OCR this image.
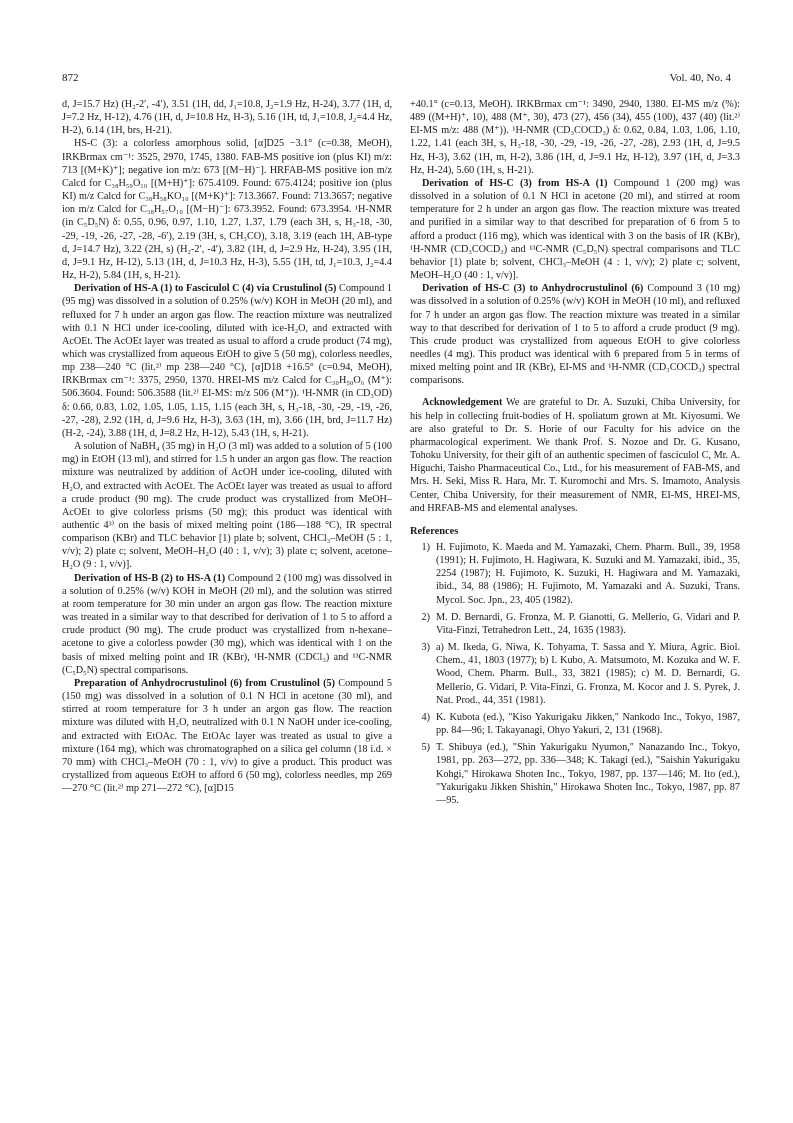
872	Vol. 40, No. 4

d, J=15.7 Hz) (H₂-2′, -4′), 3.51 (1H, dd, J₁=10.8, J₂=1.9 Hz, H-24), 3.77 (1H, d, J=7.2 Hz, H-12), 4.76 (1H, d, J=10.8 Hz, H-3), 5.16 (1H, td, J₁=10.8, J₂=4.4 Hz, H-2), 6.14 (1H, brs, H-21).

HS-C (3): a colorless amorphous solid, [α]D25 −3.1° (c=0.38, MeOH), IRKBrmax cm⁻¹: 3525, 2970, 1745, 1380. FAB-MS positive ion (plus KI) m/z: 713 [(M+K)⁺]; negative ion m/z: 673 [(M−H)⁻]. HRFAB-MS positive ion m/z Calcd for C₃₈H₅₉O₁₀ [(M+H)⁺]: 675.4109. Found: 675.4124; positive ion (plus KI) m/z Calcd for C₃₈H₅₈KO₁₀ [(M+K)⁺]: 713.3667. Found: 713.3657; negative ion m/z Calcd for C₃₈H₅₇O₁₀ [(M−H)⁻]: 673.3952. Found: 673.3954. ¹H-NMR (in C₅D₅N) δ: 0.55, 0.96, 0.97, 1.10, 1.27, 1.37, 1.79 (each 3H, s, H₃-18, -30, -29, -19, -26, -27, -28, -6′), 2.19 (3H, s, CH₃CO), 3.18, 3.19 (each 1H, AB-type d, J=14.7 Hz), 3.22 (2H, s) (H₂-2′, -4′), 3.82 (1H, d, J=2.9 Hz, H-24), 3.95 (1H, d, J=9.1 Hz, H-12), 5.13 (1H, d, J=10.3 Hz, H-3), 5.55 (1H, td, J₁=10.3, J₂=4.4 Hz, H-2), 5.84 (1H, s, H-21).

Derivation of HS-A (1) to Fasciculol C (4) via Crustulinol (5) Compound 1 (95 mg) was dissolved in a solution of 0.25% (w/v) KOH in MeOH (20 ml), and refluxed for 7 h under an argon gas flow. The reaction mixture was neutralized with 0.1 N HCl under ice-cooling, diluted with ice-H₂O, and extracted with AcOEt. The AcOEt layer was treated as usual to afford a crude product (74 mg), which was crystallized from aqueous EtOH to give 5 (50 mg), colorless needles, mp 238—240 °C (lit.²⁾ mp 238—240 °C), [α]D18 +16.5° (c=0.94, MeOH), IRKBrmax cm⁻¹: 3375, 2950, 1370. HREI-MS m/z Calcd for C₃₀H₅₀O₆ (M⁺): 506.3604. Found: 506.3588 (lit.²⁾ EI-MS: m/z 506 (M⁺)). ¹H-NMR (in CD₃OD) δ: 0.66, 0.83, 1.02, 1.05, 1.05, 1.15, 1.15 (each 3H, s, H₃-18, -30, -29, -19, -26, -27, -28), 2.92 (1H, d, J=9.6 Hz, H-3), 3.63 (1H, m), 3.66 (1H, brd, J=11.7 Hz) (H-2, -24), 3.88 (1H, d, J=8.2 Hz, H-12), 5.43 (1H, s, H-21).

A solution of NaBH₄ (35 mg) in H₂O (3 ml) was added to a solution of 5 (100 mg) in EtOH (13 ml), and stirred for 1.5 h under an argon gas flow. The reaction mixture was neutralized by addition of AcOH under ice-cooling, diluted with H₂O, and extracted with AcOEt. The AcOEt layer was treated as usual to afford a crude product (90 mg). The crude product was crystallized from MeOH–AcOEt to give colorless prisms (50 mg); this product was identical with authentic 4³⁾ on the basis of mixed melting point (186—188 °C), IR spectral comparison (KBr) and TLC behavior [1) plate b; solvent, CHCl₃–MeOH (5 : 1, v/v); 2) plate c; solvent, MeOH–H₂O (40 : 1, v/v); 3) plate c; solvent, acetone–H₂O (9 : 1, v/v)].

Derivation of HS-B (2) to HS-A (1) Compound 2 (100 mg) was dissolved in a solution of 0.25% (w/v) KOH in MeOH (20 ml), and the solution was stirred at room temperature for 30 min under an argon gas flow. The reaction mixture was treated in a similar way to that described for derivation of 1 to 5 to afford a crude product (90 mg). The crude product was crystallized from n-hexane–acetone to give a colorless powder (30 mg), which was identical with 1 on the basis of mixed melting point and IR (KBr), ¹H-NMR (CDCl₃) and ¹³C-NMR (C₅D₅N) spectral comparisons.

Preparation of Anhydrocrustulinol (6) from Crustulinol (5) Compound 5 (150 mg) was dissolved in a solution of 0.1 N HCl in acetone (30 ml), and stirred at room temperature for 3 h under an argon gas flow. The reaction mixture was diluted with H₂O, neutralized with 0.1 N NaOH under ice-cooling, and extracted with EtOAc. The EtOAc layer was treated as usual to give a mixture (164 mg), which was chromatographed on a silica gel column (18 i.d. × 70 mm) with CHCl₃–MeOH (70 : 1, v/v) to give a product. This product was crystallized from aqueous EtOH to afford 6 (50 mg), colorless needles, mp 269—270 °C (lit.²⁾ mp 271—272 °C), [α]D15

+40.1° (c=0.13, MeOH). IRKBrmax cm⁻¹: 3490, 2940, 1380. EI-MS m/z (%): 489 ((M+H)⁺, 10), 488 (M⁺, 30), 473 (27), 456 (34), 455 (100), 437 (40) (lit.²⁾ EI-MS m/z: 488 (M⁺)). ¹H-NMR (CD₃COCD₃) δ: 0.62, 0.84, 1.03, 1.06, 1.10, 1.22, 1.41 (each 3H, s, H₃-18, -30, -29, -19, -26, -27, -28), 2.93 (1H, d, J=9.5 Hz, H-3), 3.62 (1H, m, H-2), 3.86 (1H, d, J=9.1 Hz, H-12), 3.97 (1H, d, J=3.3 Hz, H-24), 5.60 (1H, s, H-21).

Derivation of HS-C (3) from HS-A (1) Compound 1 (200 mg) was dissolved in a solution of 0.1 N HCl in acetone (20 ml), and stirred at room temperature for 2 h under an argon gas flow. The reaction mixture was treated and purified in a similar way to that described for preparation of 6 from 5 to afford a product (116 mg), which was identical with 3 on the basis of IR (KBr), ¹H-NMR (CD₃COCD₃) and ¹³C-NMR (C₅D₅N) spectral comparisons and TLC behavior [1) plate b; solvent, CHCl₃–MeOH (4 : 1, v/v); 2) plate c; solvent, MeOH–H₂O (40 : 1, v/v)].

Derivation of HS-C (3) to Anhydrocrustulinol (6) Compound 3 (10 mg) was dissolved in a solution of 0.25% (w/v) KOH in MeOH (10 ml), and refluxed for 7 h under an argon gas flow. The reaction mixture was treated in a similar way to that described for derivation of 1 to 5 to afford a crude product (9 mg). This crude product was crystallized from aqueous EtOH to give colorless needles (4 mg). This product was identical with 6 prepared from 5 in terms of mixed melting point and IR (KBr), EI-MS and ¹H-NMR (CD₃COCD₃) spectral comparisons.

Acknowledgement We are grateful to Dr. A. Suzuki, Chiba University, for his help in collecting fruit-bodies of H. spoliatum grown at Mt. Kiyosumi. We are also grateful to Dr. S. Horie of our Faculty for his advice on the pharmacological experiment. We thank Prof. S. Nozoe and Dr. G. Kusano, Tohoku University, for their gift of an authentic specimen of fasciculol C, Mr. A. Higuchi, Taisho Pharmaceutical Co., Ltd., for his measurement of FAB-MS, and Mrs. H. Seki, Miss R. Hara, Mr. T. Kuromochi and Mrs. S. Imamoto, Analysis Center, Chiba University, for their measurement of NMR, EI-MS, HREI-MS, and HRFAB-MS and elemental analyses.

References
1) H. Fujimoto, K. Maeda and M. Yamazaki, Chem. Pharm. Bull., 39, 1958 (1991); H. Fujimoto, H. Hagiwara, K. Suzuki and M. Yamazaki, ibid., 35, 2254 (1987); H. Fujimoto, K. Suzuki, H. Hagiwara and M. Yamazaki, ibid., 34, 88 (1986); H. Fujimoto, M. Yamazaki and A. Suzuki, Trans. Mycol. Soc. Jpn., 23, 405 (1982).
2) M. D. Bernardi, G. Fronza, M. P. Gianotti, G. Mellerio, G. Vidari and P. Vita-Finzi, Tetrahedron Lett., 24, 1635 (1983).
3) a) M. Ikeda, G. Niwa, K. Tohyama, T. Sassa and Y. Miura, Agric. Biol. Chem., 41, 1803 (1977); b) I. Kubo, A. Matsumoto, M. Kozuka and W. F. Wood, Chem. Pharm. Bull., 33, 3821 (1985); c) M. D. Bernardi, G. Mellerio, G. Vidari, P. Vita-Finzi, G. Fronza, M. Kocor and J. S. Pyrek, J. Nat. Prod., 44, 351 (1981).
4) K. Kubota (ed.), "Kiso Yakurigaku Jikken," Nankodo Inc., Tokyo, 1987, pp. 84—96; I. Takayanagi, Ohyo Yakuri, 2, 131 (1968).
5) T. Shibuya (ed.), "Shin Yakurigaku Nyumon," Nanazando Inc., Tokyo, 1981, pp. 263—272, pp. 336—348; K. Takagi (ed.), "Saishin Yakurigaku Kohgi," Hirokawa Shoten Inc., Tokyo, 1987, pp. 137—146; M. Ito (ed.), "Yakurigaku Jikken Shishin," Hirokawa Shoten Inc., Tokyo, 1987, pp. 87—95.
